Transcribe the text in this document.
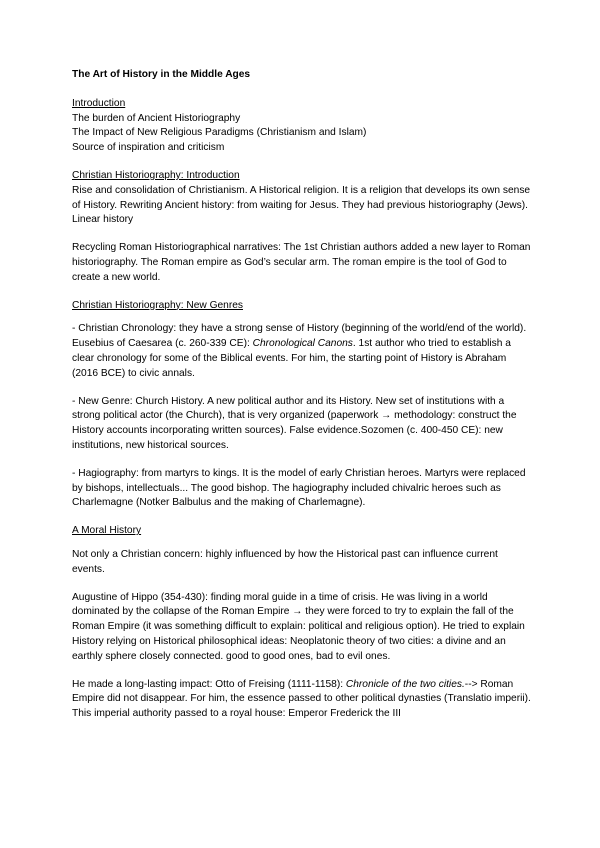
The Art of History in the Middle Ages

Introduction

The burden of Ancient Historiography

The Impact of New Religious Paradigms (Christianism and Islam)

Source of inspiration and criticism

Christian Historiography: Introduction

Rise and consolidation of Christianism. A Historical religion. It is a religion that develops its own sense of History. Rewriting Ancient history: from waiting for Jesus. They had previous historiography (Jews). Linear history

Recycling Roman Historiographical narratives: The 1st Christian authors added a new layer to Roman historiography. The Roman empire as God’s secular arm. The roman empire is the tool of God to create a new world.

Christian Historiography: New Genres

- Christian Chronology: they have a strong sense of History (beginning of the world/end of the world). Eusebius of Caesarea (c. 260-339 CE): Chronological Canons. 1st author who tried to establish a clear chronology for some of the Biblical events. For him, the starting point of History is Abraham (2016 BCE) to civic annals.

- New Genre: Church History. A new political author and its History. New set of institutions with a strong political actor (the Church), that is very organized (paperwork → methodology: construct the History accounts incorporating written sources). False evidence.Sozomen (c. 400-450 CE): new institutions, new historical sources.

- Hagiography: from martyrs to kings. It is the model of early Christian heroes. Martyrs were replaced by bishops, intellectuals... The good bishop. The hagiography included chivalric heroes such as Charlemagne (Notker Balbulus and the making of Charlemagne).

A Moral History

Not only a Christian concern: highly influenced by how the Historical past can influence current events.

Augustine of Hippo (354-430): finding moral guide in a time of crisis. He was living in a world dominated by the collapse of the Roman Empire → they were forced to try to explain the fall of the Roman Empire (it was something difficult to explain: political and religious option). He tried to explain History relying on Historical philosophical ideas: Neoplatonic theory of two cities: a divine and an earthly sphere closely connected. good to good ones, bad to evil ones.

He made a long-lasting impact: Otto of Freising (1111-1158): Chronicle of the two cities.--> Roman Empire did not disappear. For him, the essence passed to other political dynasties (Translatio imperii). This imperial authority passed to a royal house: Emperor Frederick the III
